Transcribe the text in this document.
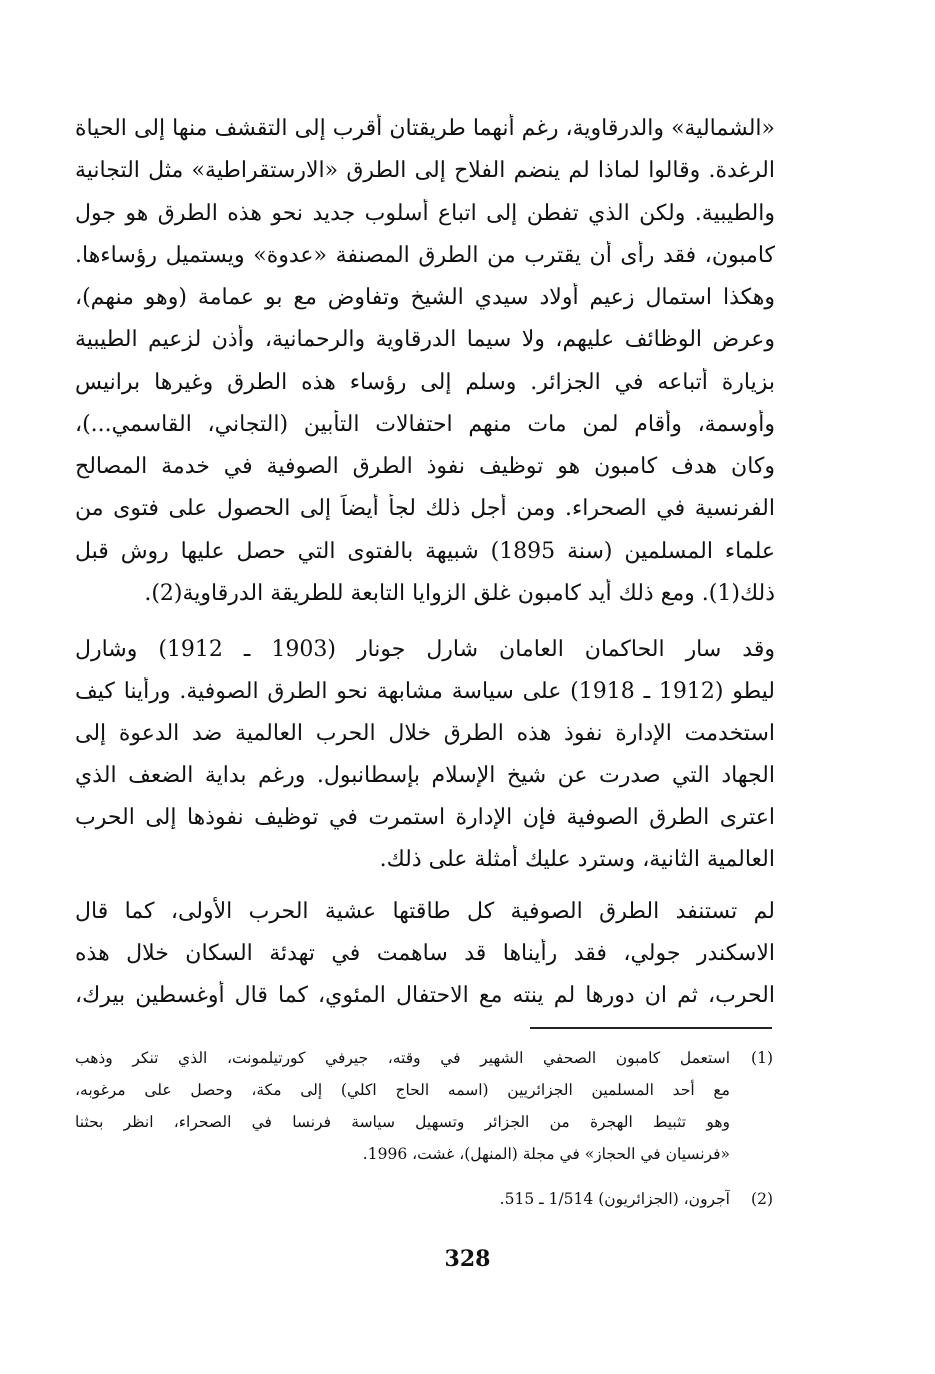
«الشمالية» والدرقاوية، رغم أنهما طريقتان أقرب إلى التقشف منها إلى الحياة
الرغدة. وقالوا لماذا لم ينضم الفلاح إلى الطرق «الارستقراطية» مثل التجانية
والطيبية. ولكن الذي تفطن إلى اتباع أسلوب جديد نحو هذه الطرق هو جول
كامبون، فقد رأى أن يقترب من الطرق المصنفة «عدوة» ويستميل رؤساءها.
وهكذا استمال زعيم أولاد سيدي الشيخ وتفاوض مع بو عمامة (وهو منهم)،
وعرض الوظائف عليهم، ولا سيما الدرقاوية والرحمانية، وأذن لزعيم الطيبية
بزيارة أتباعه في الجزائر. وسلم إلى رؤساء هذه الطرق وغيرها برانيس
وأوسمة، وأقام لمن مات منهم احتفالات التأبين (التجاني، القاسمي...)،
وكان هدف كامبون هو توظيف نفوذ الطرق الصوفية في خدمة المصالح
الفرنسية في الصحراء. ومن أجل ذلك لجأ أيضاً إلى الحصول على فتوى من
علماء المسلمين (سنة 1895) شبيهة بالفتوى التي حصل عليها روش قبل
ذلك(1). ومع ذلك أيد كامبون غلق الزوايا التابعة للطريقة الدرقاوية(2).
وقد سار الحاكمان العامان شارل جونار (1903 ـ 1912) وشارل
ليطو (1912 ـ 1918) على سياسة مشابهة نحو الطرق الصوفية. ورأينا كيف
استخدمت الإدارة نفوذ هذه الطرق خلال الحرب العالمية ضد الدعوة إلى
الجهاد التي صدرت عن شيخ الإسلام بإسطانبول. ورغم بداية الضعف الذي
اعترى الطرق الصوفية فإن الإدارة استمرت في توظيف نفوذها إلى الحرب
العالمية الثانية، وسترد عليك أمثلة على ذلك.
لم تستنفد الطرق الصوفية كل طاقتها عشية الحرب الأولى، كما قال
الاسكندر جولي، فقد رأيناها قد ساهمت في تهدئة السكان خلال هذه
الحرب، ثم ان دورها لم ينته مع الاحتفال المئوي، كما قال أوغسطين بيرك،
(1)
استعمل كامبون الصحفي الشهير في وقته، جيرفي كورتيلمونت، الذي تنكر وذهب
مع أحد المسلمين الجزائريين (اسمه الحاج اكلي) إلى مكة، وحصل على مرغوبه،
وهو تثبيط الهجرة من الجزائر وتسهيل سياسة فرنسا في الصحراء، انظر بحثنا
«فرنسيان في الحجاز» في مجلة (المنهل)، غشت، 1996.
(2)
آجرون، (الجزائريون) 1/514 ـ 515.
328
